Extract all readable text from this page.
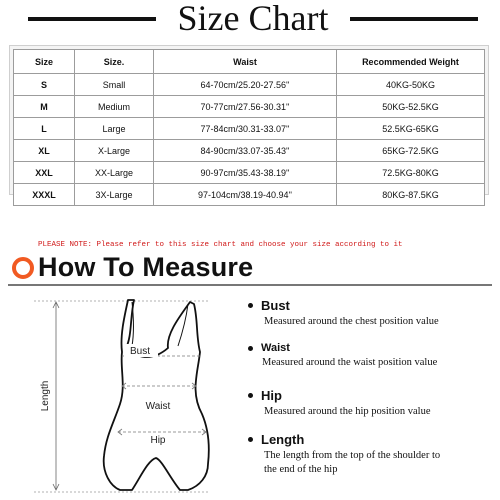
Size Chart
Size	Size.	Waist	Recommended Weight
S	Small	64-70cm/25.20-27.56''	40KG-50KG
M	Medium	70-77cm/27.56-30.31''	50KG-52.5KG
L	Large	77-84cm/30.31-33.07''	52.5KG-65KG
XL	X-Large	84-90cm/33.07-35.43''	65KG-72.5KG
XXL	XX-Large	90-97cm/35.43-38.19''	72.5KG-80KG
XXXL	3X-Large	97-104cm/38.19-40.94''	80KG-87.5KG
PLEASE NOTE: Please refer to this size chart and choose your size according to it
How To Measure
Length
Bust
Waist
Hip
Bust
Measured around the chest position value
Waist
Measured around the waist position value
Hip
Measured around the hip position value
Length
The length from the top of the shoulder to
the end of the hip
